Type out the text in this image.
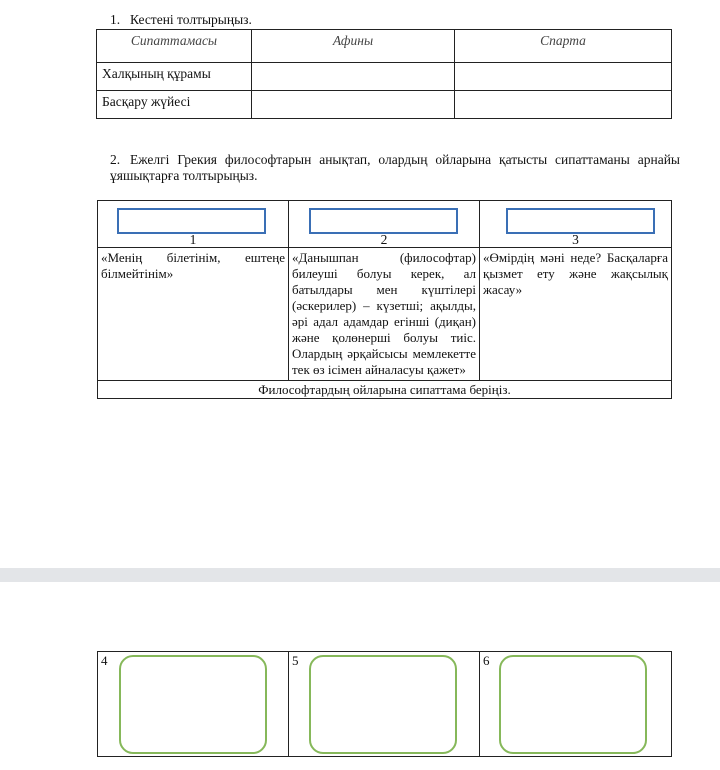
1. Кестені толтырыңыз.
Сипаттамасы	Афины	Спарта
Халқының құрамы		
Басқару жүйесі		
2. Ежелгі Грекия философтарын анықтап, олардың ойларына қатысты сипаттаманы арнайы ұяшықтарға толтырыңыз.
1	2	3

«Менің білетінім, ештеңе білмейтінім»	«Данышпан (философтар) билеуші болуы керек, ал батылдары мен күштілері (әскерилер) – күзетші; ақылды, әрі адал адамдар егінші (диқан) және қолөнерші болуы тиіс. Олардың әрқайсысы мемлекетте тек өз ісімен айналасуы қажет»	«Өмірдің мәні неде? Басқаларға қызмет ету және жақсылық жасау»
Философтардың ойларына сипаттама беріңіз.		
4	5	6
